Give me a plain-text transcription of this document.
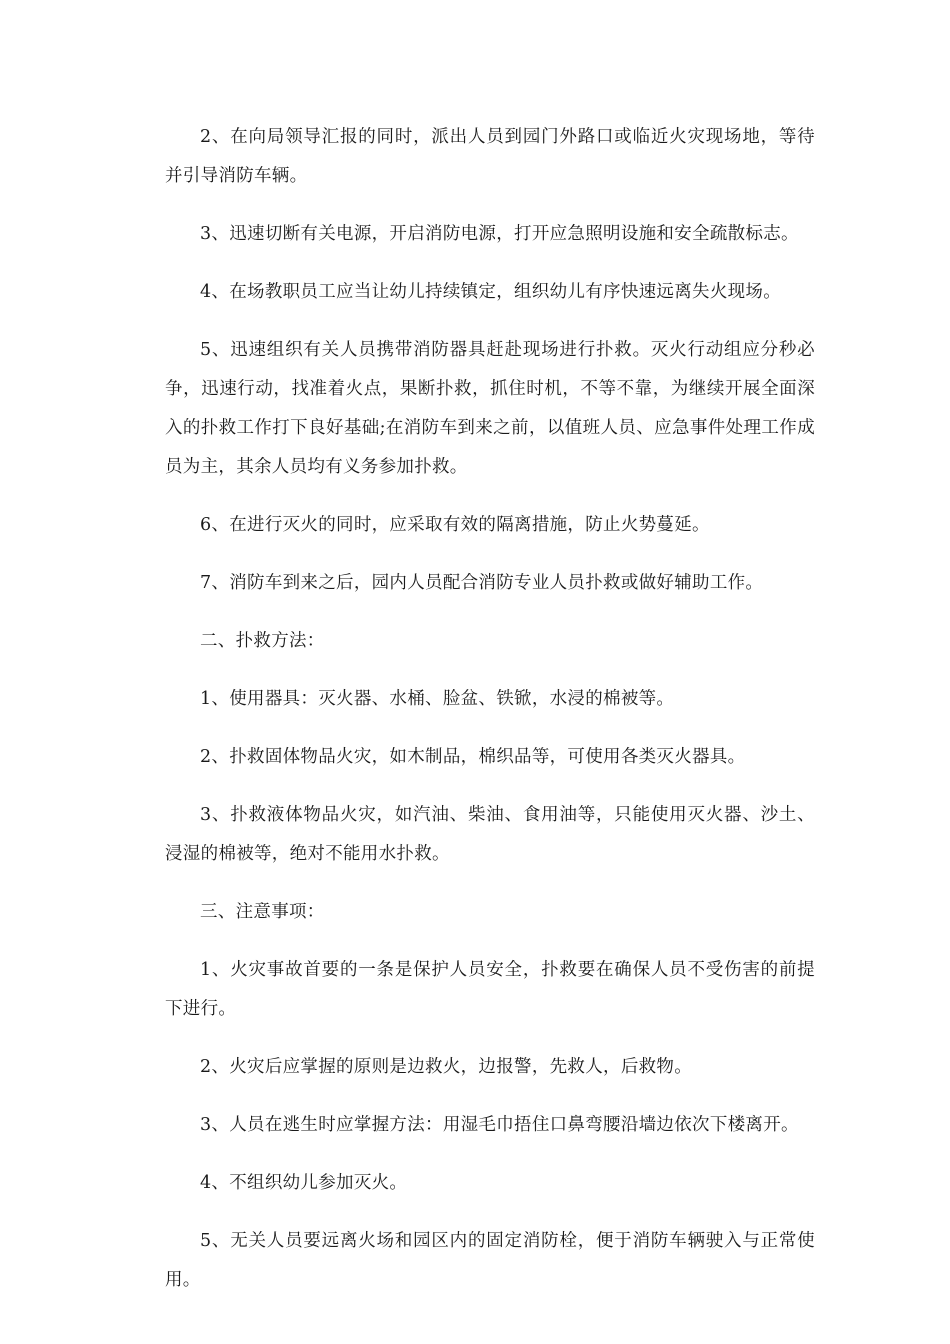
2、在向局领导汇报的同时，派出人员到园门外路口或临近火灾现场地，等待并引导消防车辆。

3、迅速切断有关电源，开启消防电源，打开应急照明设施和安全疏散标志。

4、在场教职员工应当让幼儿持续镇定，组织幼儿有序快速远离失火现场。

5、迅速组织有关人员携带消防器具赶赴现场进行扑救。灭火行动组应分秒必争，迅速行动，找准着火点，果断扑救，抓住时机，不等不靠，为继续开展全面深入的扑救工作打下良好基础;在消防车到来之前，以值班人员、应急事件处理工作成员为主，其余人员均有义务参加扑救。

6、在进行灭火的同时，应采取有效的隔离措施，防止火势蔓延。

7、消防车到来之后，园内人员配合消防专业人员扑救或做好辅助工作。

二、扑救方法：

1、使用器具：灭火器、水桶、脸盆、铁锨，水浸的棉被等。

2、扑救固体物品火灾，如木制品，棉织品等，可使用各类灭火器具。

3、扑救液体物品火灾，如汽油、柴油、食用油等，只能使用灭火器、沙土、浸湿的棉被等，绝对不能用水扑救。

三、注意事项：

1、火灾事故首要的一条是保护人员安全，扑救要在确保人员不受伤害的前提下进行。

2、火灾后应掌握的原则是边救火，边报警，先救人，后救物。

3、人员在逃生时应掌握方法：用湿毛巾捂住口鼻弯腰沿墙边依次下楼离开。

4、不组织幼儿参加灭火。

5、无关人员要远离火场和园区内的固定消防栓，便于消防车辆驶入与正常使用。
